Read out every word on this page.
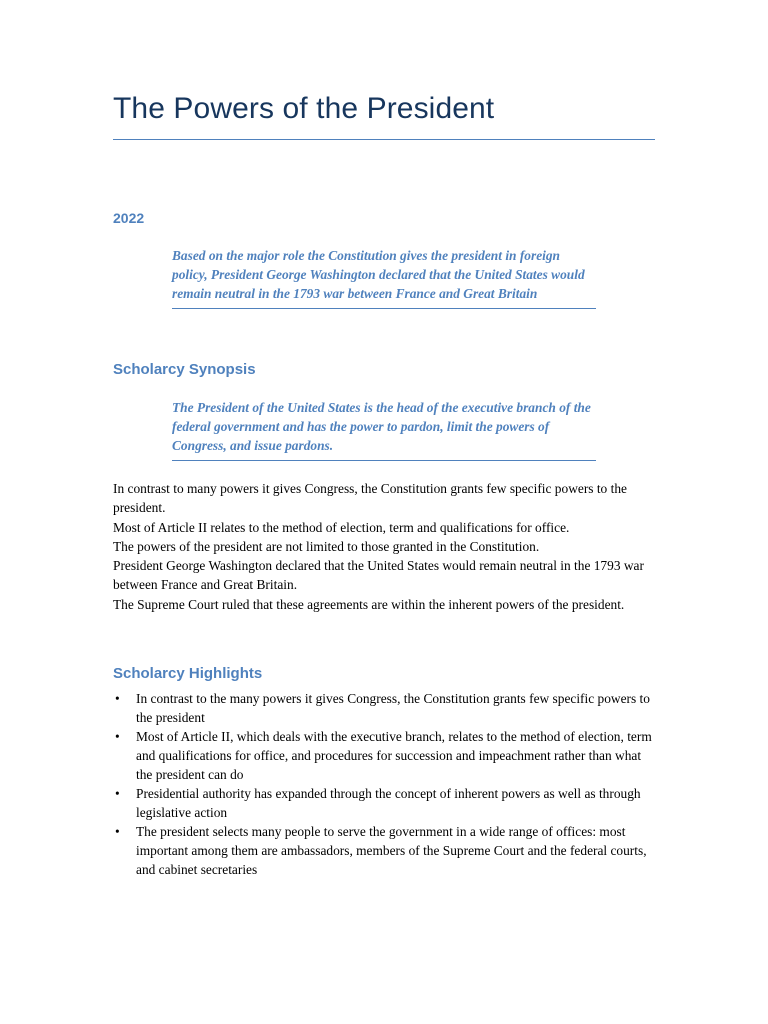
The Powers of the President
2022

Based on the major role the Constitution gives the president in foreign policy, President George Washington declared that the United States would remain neutral in the 1793 war between France and Great Britain

Scholarcy Synopsis

The President of the United States is the head of the executive branch of the federal government and has the power to pardon, limit the powers of Congress, and issue pardons.

In contrast to many powers it gives Congress, the Constitution grants few specific powers to the president.

Most of Article II relates to the method of election, term and qualifications for office.

The powers of the president are not limited to those granted in the Constitution.

President George Washington declared that the United States would remain neutral in the 1793 war between France and Great Britain.

The Supreme Court ruled that these agreements are within the inherent powers of the president.

Scholarcy Highlights
• In contrast to the many powers it gives Congress, the Constitution grants few specific powers to the president
• Most of Article II, which deals with the executive branch, relates to the method of election, term and qualifications for office, and procedures for succession and impeachment rather than what the president can do
• Presidential authority has expanded through the concept of inherent powers as well as through legislative action
• The president selects many people to serve the government in a wide range of offices: most important among them are ambassadors, members of the Supreme Court and the federal courts, and cabinet secretaries
